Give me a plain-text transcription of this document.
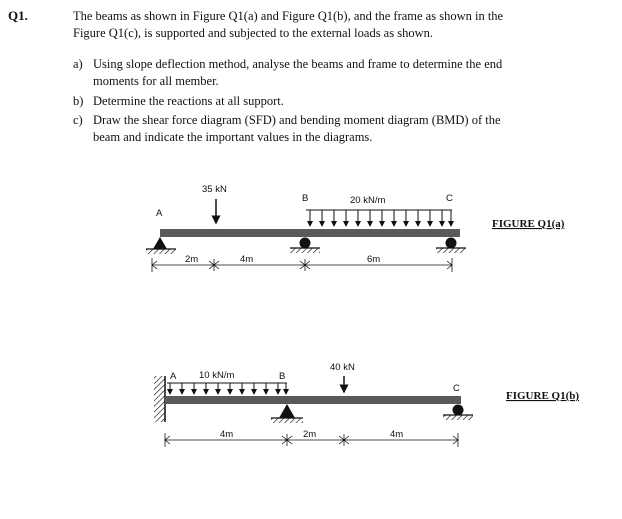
Q1.	The beams as shown in Figure Q1(a) and Figure Q1(b), and the frame as shown in the
Figure Q1(c), is supported and subjected to the external loads as shown.
a) Using slope deflection method, analyse the beams and frame to determine the end
moments for all member.
b) Determine the reactions at all support.
c) Draw the shear force diagram (SFD) and bending moment diagram (BMD) of the
beam and indicate the important values in the diagrams.
35 kN
20 kN/m
A
B	C
2m	4m	6m
FIGURE Q1(a)
10 kN/m
40 kN
A	B
C
4m	2m	4m
FIGURE Q1(b)
